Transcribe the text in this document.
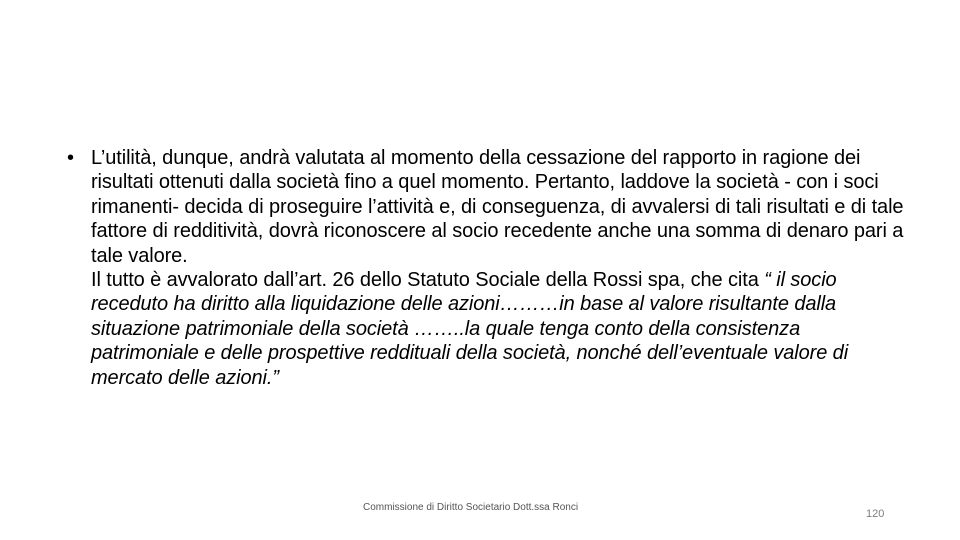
• L’utilità, dunque, andrà valutata al momento della cessazione del rapporto in ragione dei risultati ottenuti dalla società fino a quel momento. Pertanto, laddove la società - con i soci rimanenti- decida di proseguire l’attività e, di conseguenza, di avvalersi di tali risultati e di tale fattore di redditività, dovrà riconoscere al socio recedente anche una somma di denaro pari a tale valore.
Il tutto è avvalorato dall’art. 26 dello Statuto Sociale della Rossi spa, che cita “ il socio receduto ha diritto alla liquidazione delle azioni………in base al valore risultante dalla situazione patrimoniale della società ……..la quale tenga conto della consistenza patrimoniale e delle prospettive reddituali della società, nonché dell’eventuale valore di mercato delle azioni.”
Commissione di Diritto Societario Dott.ssa Ronci
120
